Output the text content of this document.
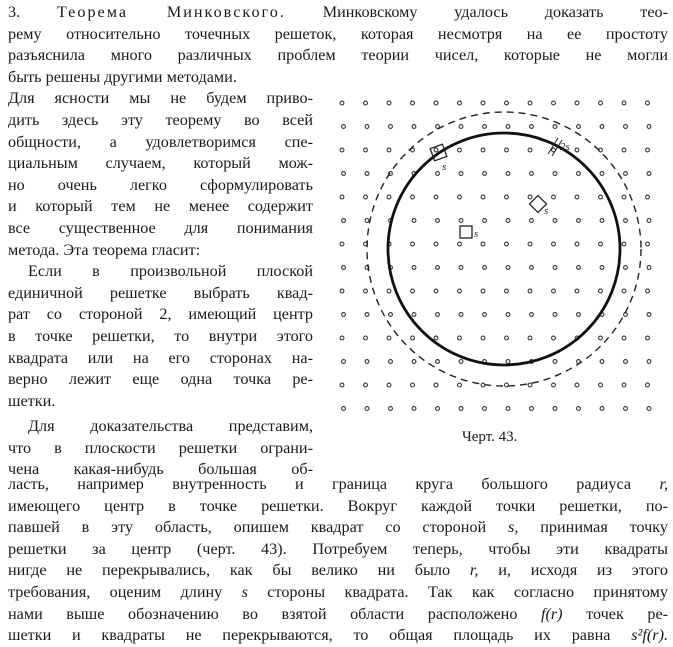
3. Теорема Минковского. Минковскому удалось доказать тео-
рему относительно точечных решеток, которая несмотря на ее простоту
разъяснила много различных проблем теории чисел, которые не могли
быть решены другими методами.
Для ясности мы не будем приво-
дить здесь эту теорему во всей
общности, а удовлетворимся спе-
циальным случаем, который мож-
но очень легко сформулировать
и который тем не менее содержит
все существенное для понимания
метода. Эта теорема гласит:
Если в произвольной плоской
единичной решетке выбрать квад-
рат со стороной 2, имеющий центр
в точке решетки, то внутри этого
квадрата или на его сторонах на-
верно лежит еще одна точка ре-
шетки.
Для доказательства представим,
что в плоскости решетки ограни-
чена какая-нибудь большая об-
s
s
s
2s
Черт. 43.
ласть, например внутренность и граница круга большого радиуса r,
имеющего центр в точке решетки. Вокруг каждой точки решетки, по-
павшей в эту область, опишем квадрат со стороной s, принимая точку
решетки за центр (черт. 43). Потребуем теперь, чтобы эти квадраты
нигде не перекрывались, как бы велико ни было r, и, исходя из этого
требования, оценим длину s стороны квадрата. Так как согласно принятому
нами выше обозначению во взятой области расположено f(r) точек ре-
шетки и квадраты не перекрываются, то общая площадь их равна s²f(r).
